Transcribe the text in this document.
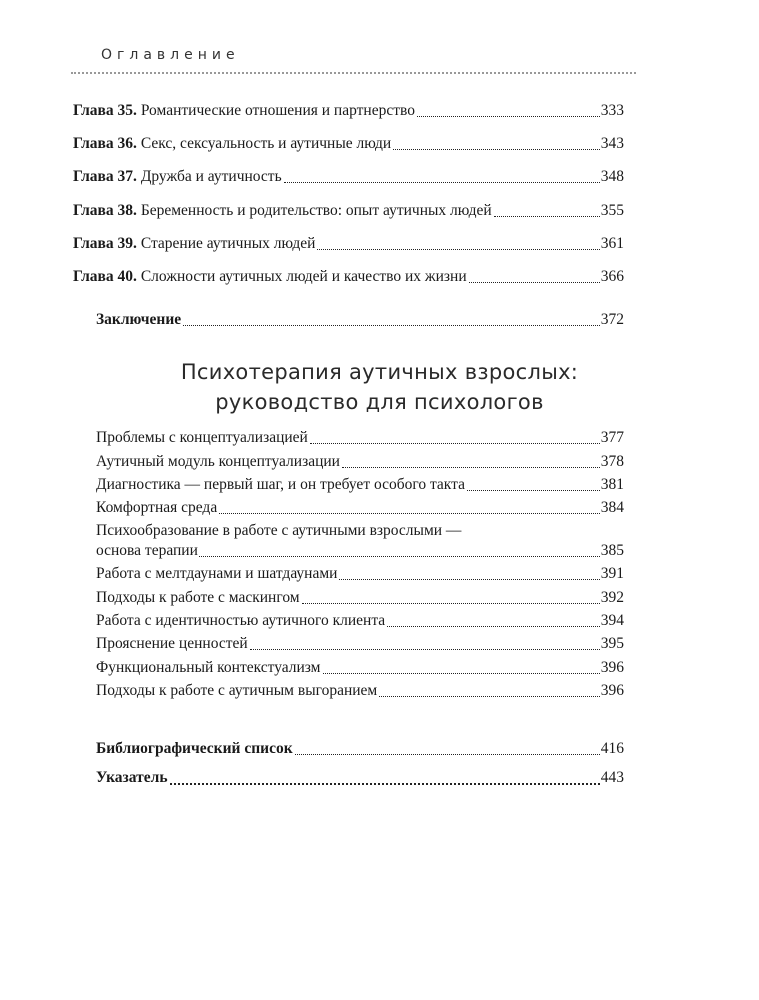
Оглавление
Глава 35. Романтические отношения и партнерство	333
Глава 36. Секс, сексуальность и аутичные люди	343
Глава 37. Дружба и аутичность	348
Глава 38. Беременность и родительство: опыт аутичных людей	355
Глава 39. Старение аутичных людей	361
Глава 40. Сложности аутичных людей и качество их жизни	366
Заключение	372
Психотерапия аутичных взрослых:
руководство для психологов
Проблемы с концептуализацией	377
Аутичный модуль концептуализации	378
Диагностика — первый шаг, и он требует особого такта	381
Комфортная среда	384
Психообразование в работе с аутичными взрослыми —
основа терапии	385
Работа с мелтдаунами и шатдаунами	391
Подходы к работе с маскингом	392
Работа с идентичностью аутичного клиента	394
Прояснение ценностей	395
Функциональный контекстуализм	396
Подходы к работе с аутичным выгоранием	396
Библиографический список	416
Указатель	443
